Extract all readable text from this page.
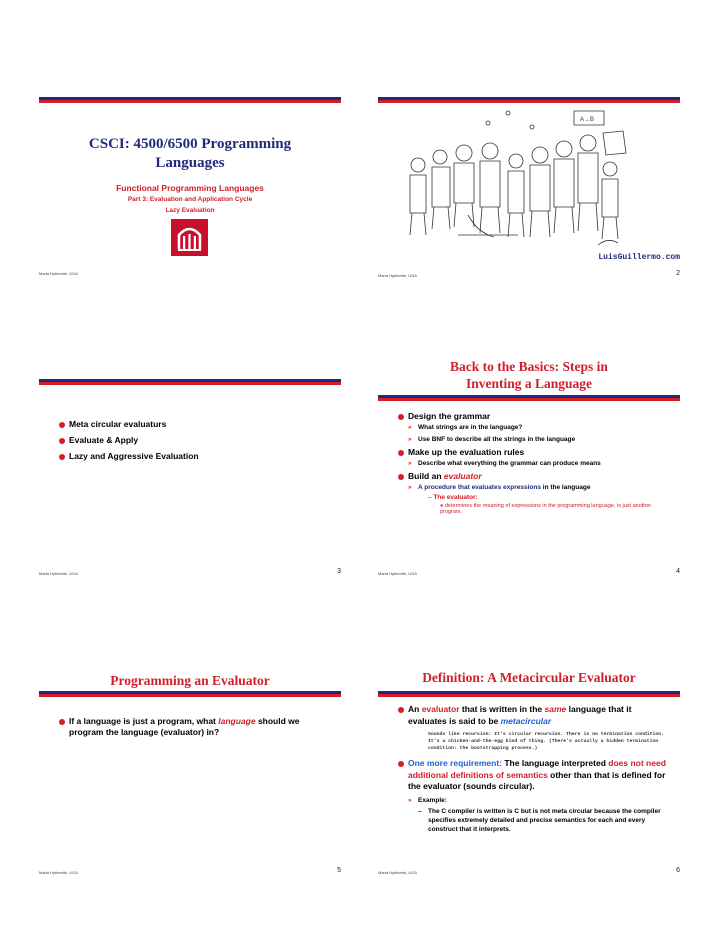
CSCI: 4500/6500 Programming Languages
Functional Programming Languages
Part 3: Evaluation and Application Cycle
Lazy Evaluation
Maria Hybinette, UGA
A→B
LuisGuillermo.com
Maria Hybinette, UGA	2
Meta circular evaluaturs
Evaluate & Apply
Lazy and Aggressive Evaluation
Maria Hybinette, UGA	3
Back to the Basics: Steps in Inventing a Language
Design the grammar
» What strings are in the language?
» Use BNF to describe all the strings in the language
Make up the evaluation rules
» Describe what everything the grammar can produce means
Build an evaluator
» A procedure that evaluates expressions in the language
– The evaluator:
● determines the meaning of expressions in the programming language, is just another program.
Maria Hybinette, UGA	4
Programming an Evaluator
If a language is just a program, what language should we program the language (evaluator) in?
Maria Hybinette, UGA	5
Definition: A Metacircular Evaluator
An evaluator that is written in the same language that it evaluates is said to be metacircular
Sounds like recursion: It's circular recursion. There is no termination condition. It's a chicken-and-the-egg kind of thing. (There's actually a hidden termination condition: the bootstrapping process.)
One more requirement: The language interpreted does not need additional definitions of semantics other than that is defined for the evaluator (sounds circular).
» Example:
– The C compiler is written is C but is not meta circular because the compiler specifies extremely detailed and precise semantics for each and every construct that it interprets.
Maria Hybinette, UGA	6
